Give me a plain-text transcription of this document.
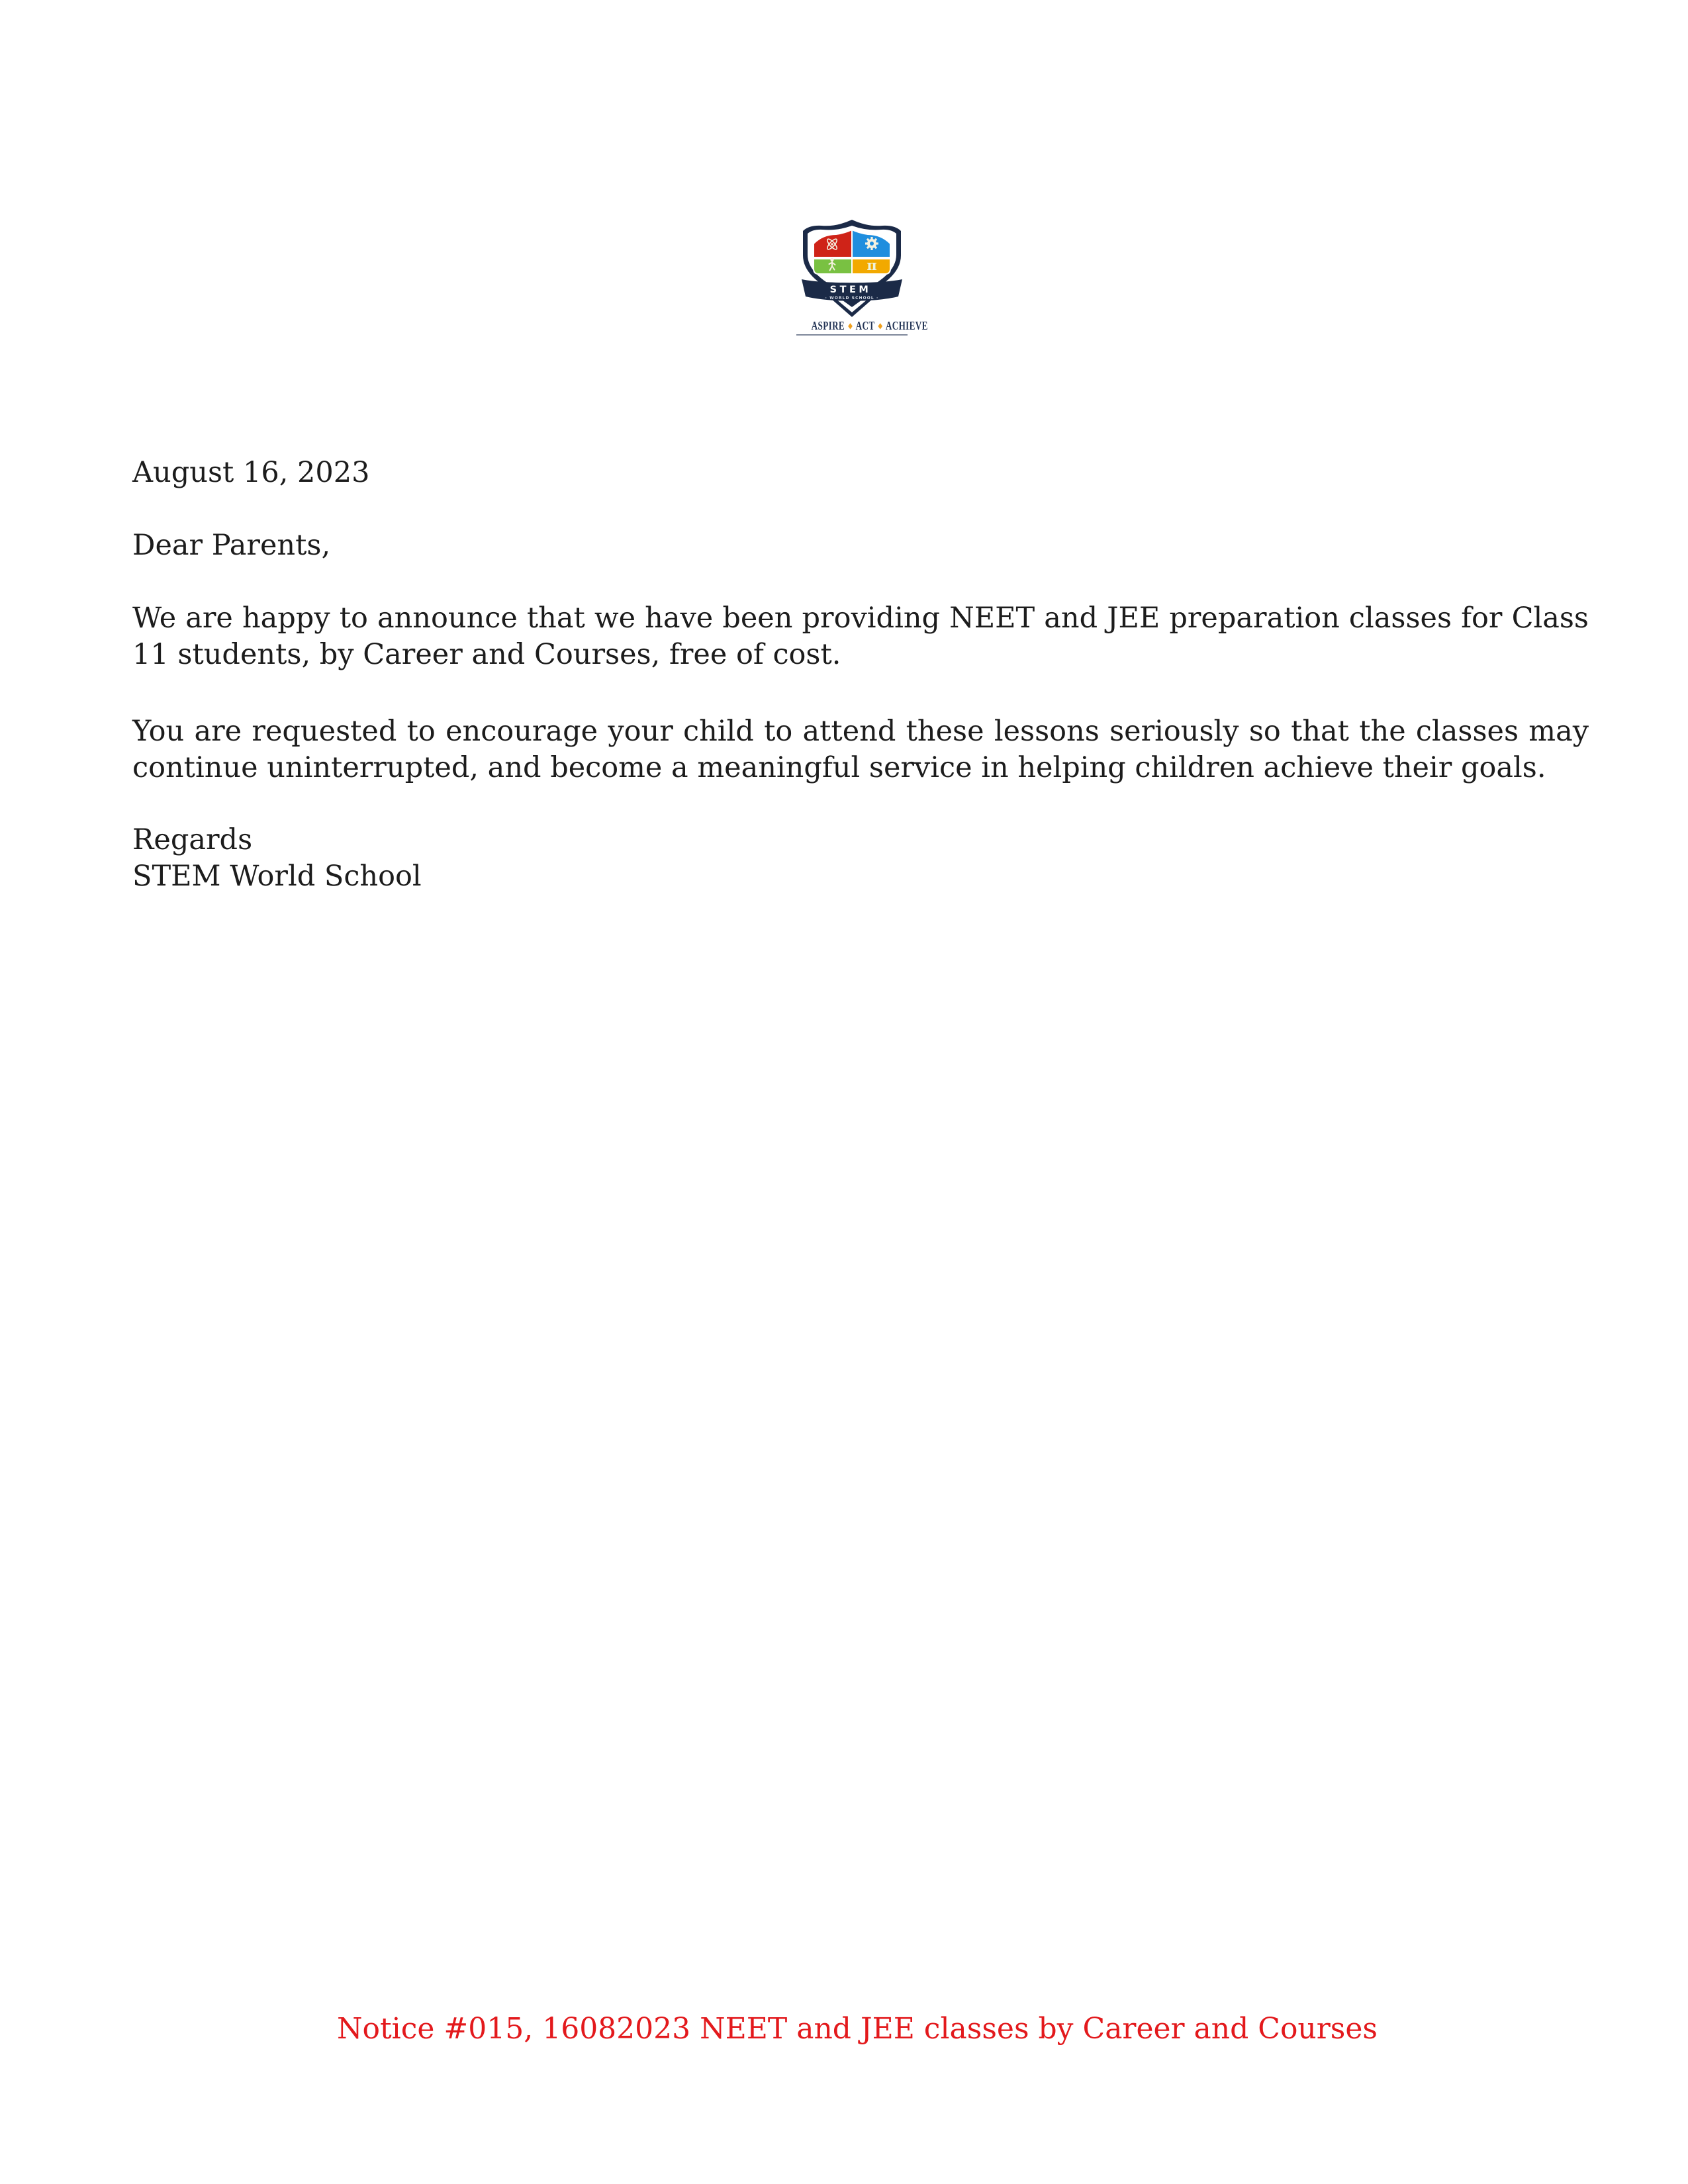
π
STEM
· WORLD SCHOOL ·
ASPIRE ◆ ACT ◆ ACHIEVE
August 16, 2023
Dear Parents,
We are happy to announce that we have been providing NEET and JEE preparation classes for Class
11 students, by Career and Courses, free of cost.
You are requested to encourage your child to attend these lessons seriously so that the classes may
continue uninterrupted, and become a meaningful service in helping children achieve their goals.
Regards
STEM World School
Notice #015, 16082023 NEET and JEE classes by Career and Courses
